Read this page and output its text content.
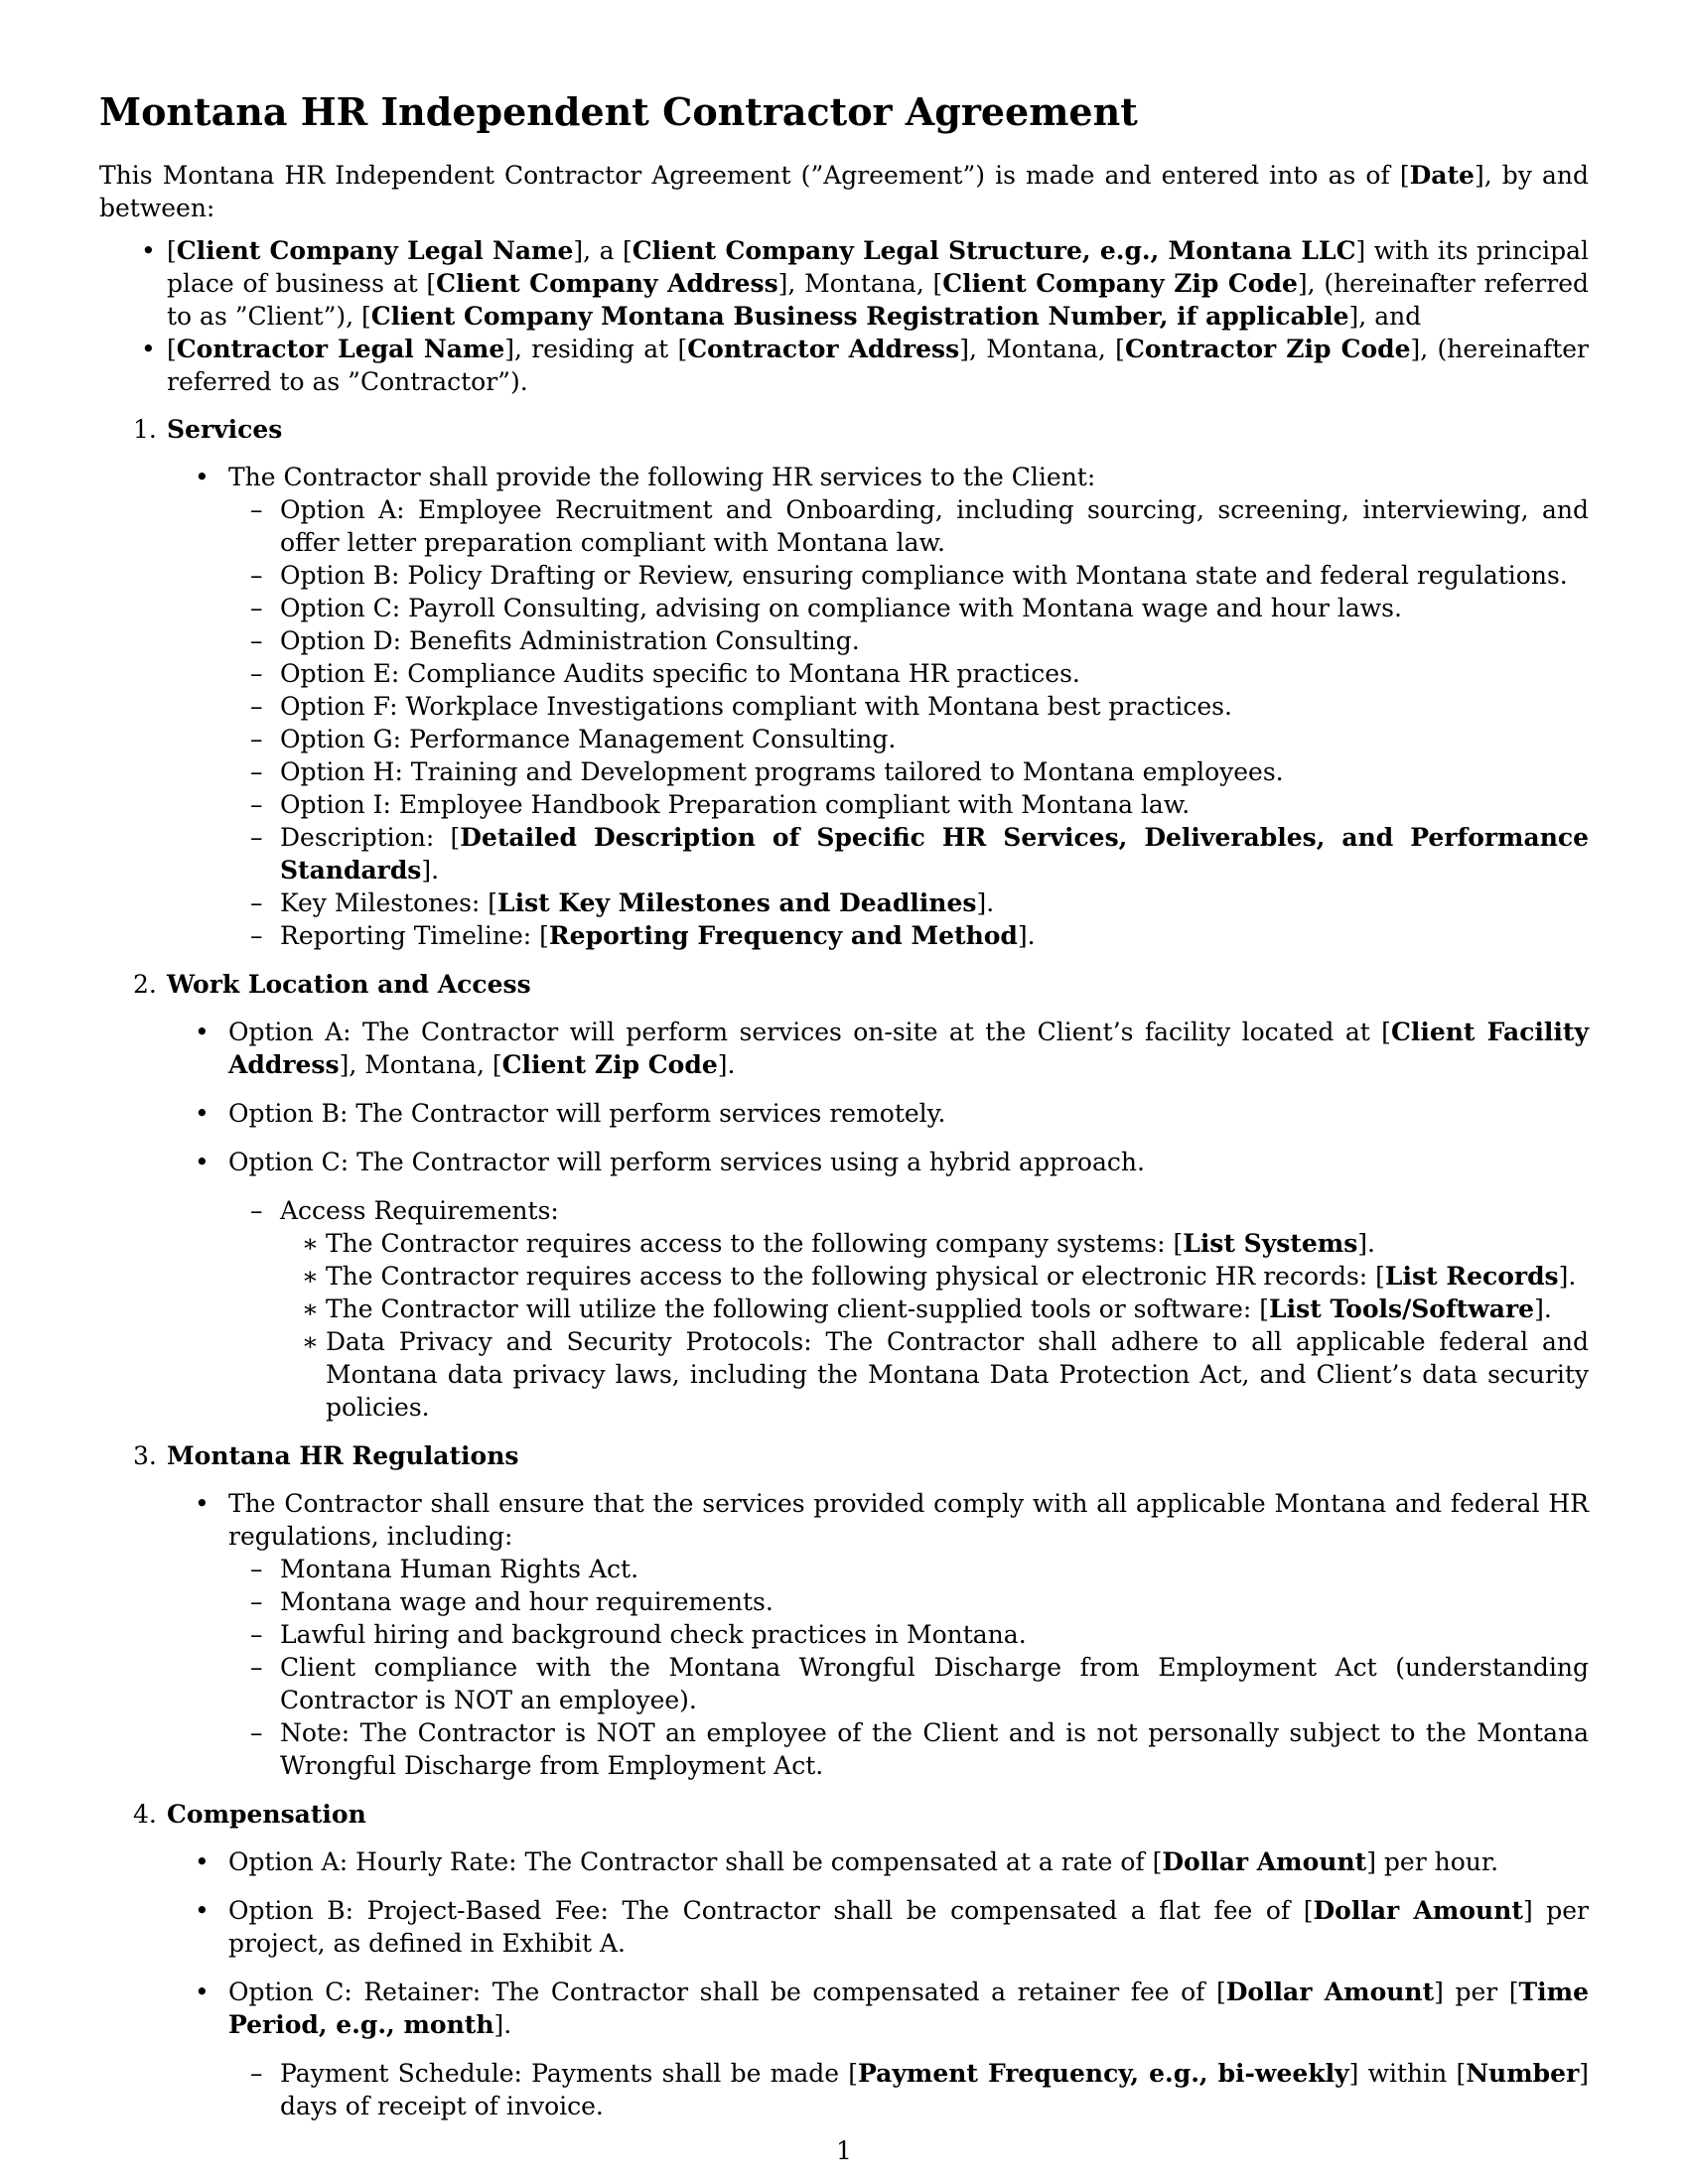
Montana HR Independent Contractor Agreement

This Montana HR Independent Contractor Agreement (”Agreement”) is made and entered into as of [Date], by and between:

• [Client Company Legal Name], a [Client Company Legal Structure, e.g., Montana LLC] with its principal place of business at [Client Company Address], Montana, [Client Company Zip Code], (hereinafter referred to as ”Client”), [Client Company Montana Business Registration Number, if applicable], and
• [Contractor Legal Name], residing at [Contractor Address], Montana, [Contractor Zip Code], (hereinafter referred to as ”Contractor”).
1. Services
• The Contractor shall provide the following HR services to the Client:
– Option A: Employee Recruitment and Onboarding, including sourcing, screening, interviewing, and offer letter preparation compliant with Montana law.
– Option B: Policy Drafting or Review, ensuring compliance with Montana state and federal regulations.
– Option C: Payroll Consulting, advising on compliance with Montana wage and hour laws.
– Option D: Benefits Administration Consulting.
– Option E: Compliance Audits specific to Montana HR practices.
– Option F: Workplace Investigations compliant with Montana best practices.
– Option G: Performance Management Consulting.
– Option H: Training and Development programs tailored to Montana employees.
– Option I: Employee Handbook Preparation compliant with Montana law.
– Description: [Detailed Description of Specific HR Services, Deliverables, and Performance Standards].
– Key Milestones: [List Key Milestones and Deadlines].
– Reporting Timeline: [Reporting Frequency and Method].
2. Work Location and Access
• Option A: The Contractor will perform services on-site at the Client’s facility located at [Client Facility Address], Montana, [Client Zip Code].
• Option B: The Contractor will perform services remotely.
• Option C: The Contractor will perform services using a hybrid approach.
– Access Requirements:
∗ The Contractor requires access to the following company systems: [List Systems].
∗ The Contractor requires access to the following physical or electronic HR records: [List Records].
∗ The Contractor will utilize the following client-supplied tools or software: [List Tools/Software].
∗ Data Privacy and Security Protocols: The Contractor shall adhere to all applicable federal and Montana data privacy laws, including the Montana Data Protection Act, and Client’s data security policies.
3. Montana HR Regulations
• The Contractor shall ensure that the services provided comply with all applicable Montana and federal HR regulations, including:
– Montana Human Rights Act.
– Montana wage and hour requirements.
– Lawful hiring and background check practices in Montana.
– Client compliance with the Montana Wrongful Discharge from Employment Act (understanding Contractor is NOT an employee).
– Note: The Contractor is NOT an employee of the Client and is not personally subject to the Montana Wrongful Discharge from Employment Act.
4. Compensation
• Option A: Hourly Rate: The Contractor shall be compensated at a rate of [Dollar Amount] per hour.
• Option B: Project-Based Fee: The Contractor shall be compensated a flat fee of [Dollar Amount] per project, as defined in Exhibit A.
• Option C: Retainer: The Contractor shall be compensated a retainer fee of [Dollar Amount] per [Time Period, e.g., month].
– Payment Schedule: Payments shall be made [Payment Frequency, e.g., bi-weekly] within [Number] days of receipt of invoice.
1
